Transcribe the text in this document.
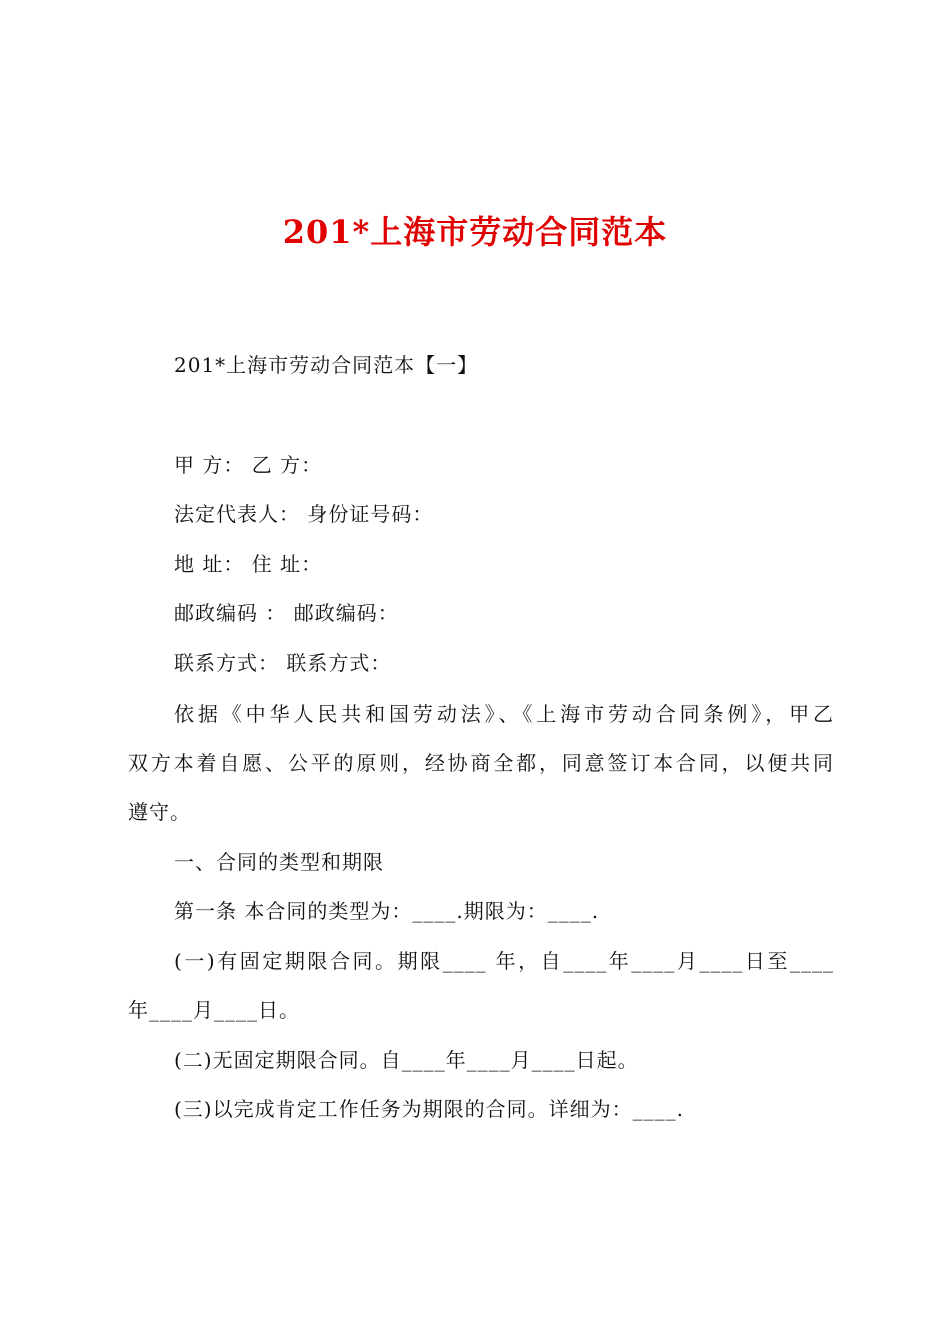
201*上海市劳动合同范本
201*上海市劳动合同范本【一】
甲 方： 乙 方：
法定代表人： 身份证号码：
地 址： 住 址：
邮政编码 ： 邮政编码：
联系方式： 联系方式：
依据《中华人民共和国劳动法》、《上海市劳动合同条例》，甲乙
双方本着自愿、公平的原则，经协商全都，同意签订本合同，以便共同
遵守。
一、合同的类型和期限
第一条 本合同的类型为：____.期限为：____.
(一)有固定期限合同。期限____ 年，自____年____月____日至____
年____月____日。
(二)无固定期限合同。自____年____月____日起。
(三)以完成肯定工作任务为期限的合同。详细为：____.
